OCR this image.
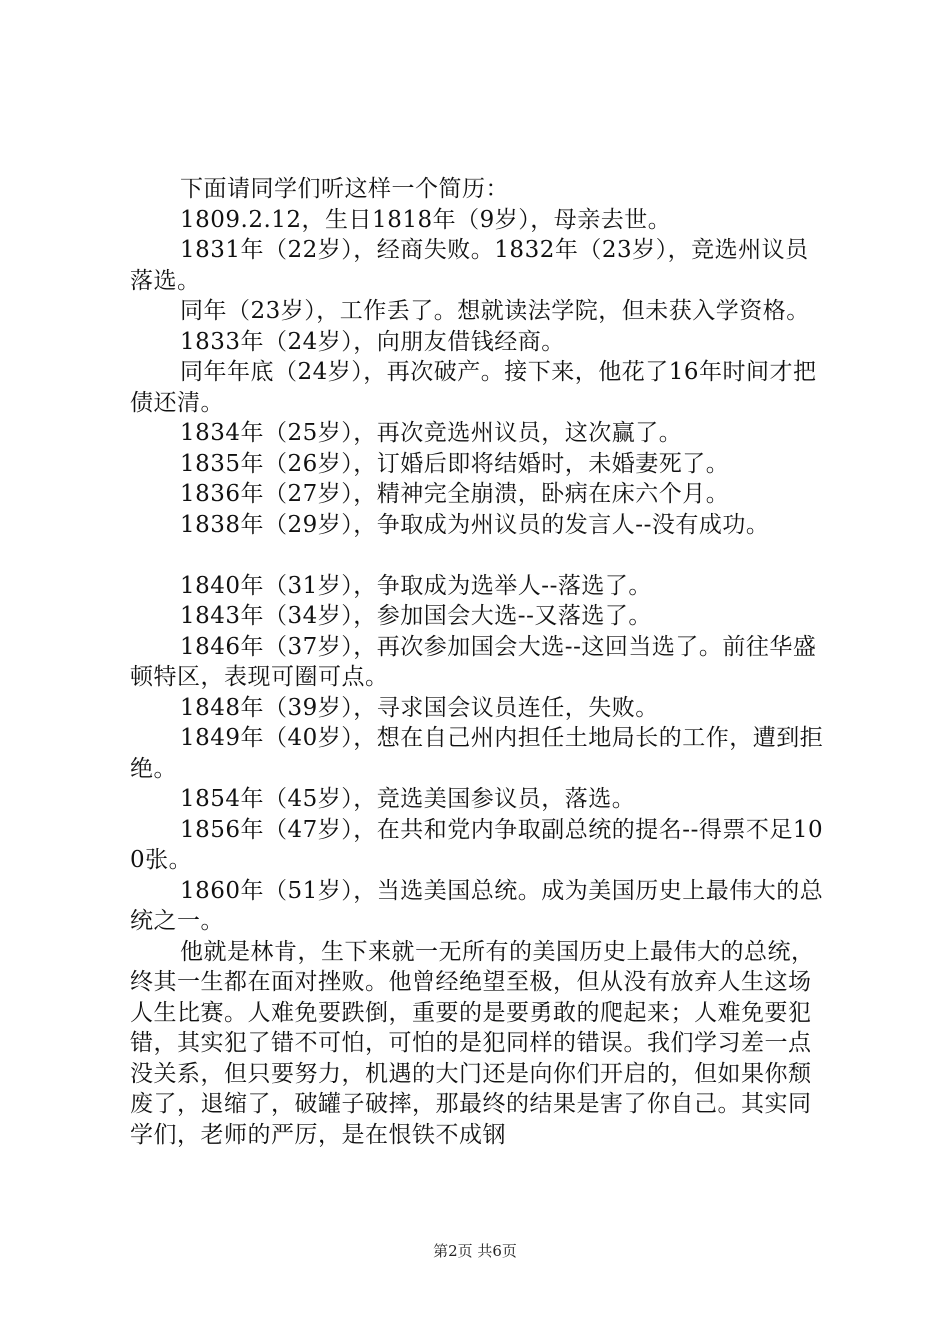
下面请同学们听这样一个简历：

1809.2.12，生日1818年（9岁），母亲去世。

1831年（22岁），经商失败。1832年（23岁），竞选州议员落选。

同年（23岁），工作丢了。想就读法学院，但未获入学资格。

1833年（24岁），向朋友借钱经商。

同年年底（24岁），再次破产。接下来，他花了16年时间才把债还清。

1834年（25岁），再次竞选州议员，这次赢了。

1835年（26岁），订婚后即将结婚时，未婚妻死了。

1836年（27岁），精神完全崩溃，卧病在床六个月。

1838年（29岁），争取成为州议员的发言人--没有成功。

1840年（31岁），争取成为选举人--落选了。

1843年（34岁），参加国会大选--又落选了。

1846年（37岁），再次参加国会大选--这回当选了。前往华盛顿特区，表现可圈可点。

1848年（39岁），寻求国会议员连任，失败。

1849年（40岁），想在自己州内担任土地局长的工作，遭到拒绝。

1854年（45岁），竞选美国参议员，落选。

1856年（47岁），在共和党内争取副总统的提名--得票不足100张。

1860年（51岁），当选美国总统。成为美国历史上最伟大的总统之一。

他就是林肯，生下来就一无所有的美国历史上最伟大的总统，终其一生都在面对挫败。他曾经绝望至极，但从没有放弃人生这场人生比赛。人难免要跌倒，重要的是要勇敢的爬起来；人难免要犯错，其实犯了错不可怕，可怕的是犯同样的错误。我们学习差一点没关系，但只要努力，机遇的大门还是向你们开启的，但如果你颓废了，退缩了，破罐子破摔，那最终的结果是害了你自己。其实同学们，老师的严厉，是在恨铁不成钢

第2页 共6页
